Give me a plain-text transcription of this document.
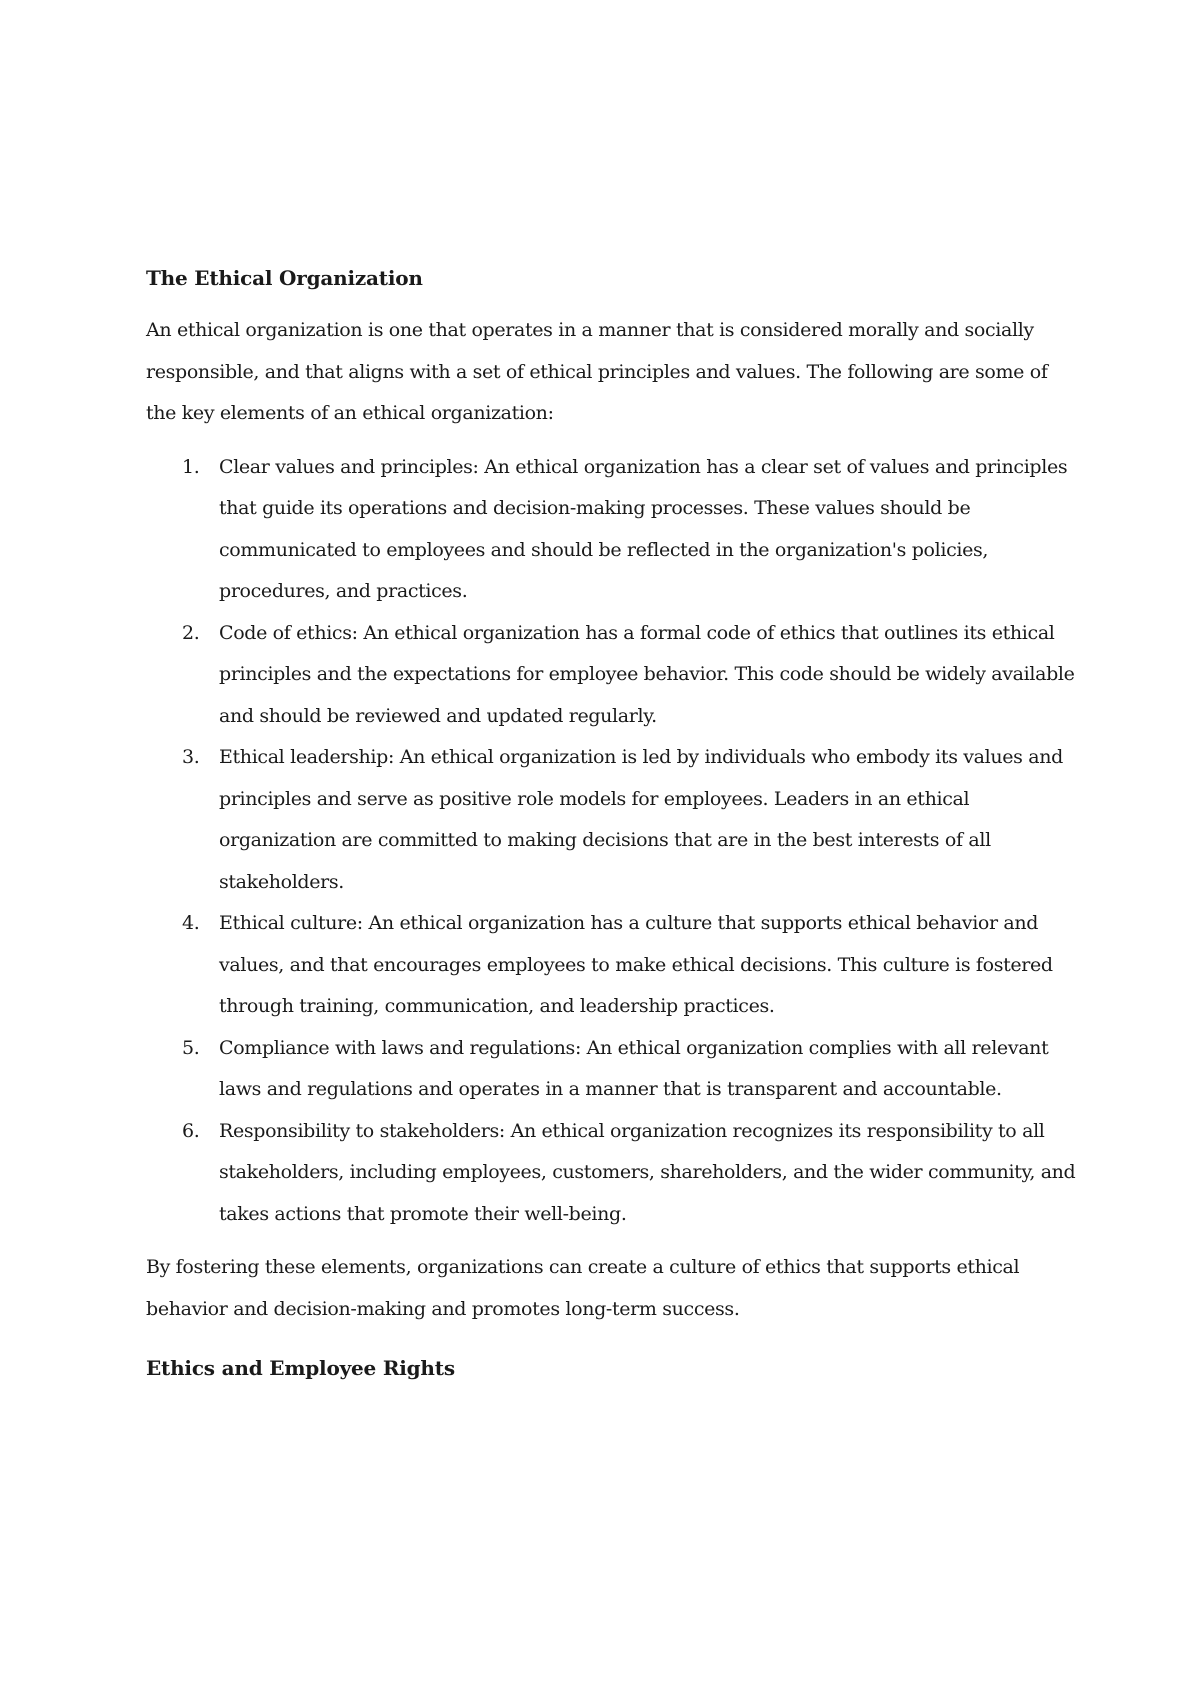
The Ethical Organization

An ethical organization is one that operates in a manner that is considered morally and socially responsible, and that aligns with a set of ethical principles and values. The following are some of the key elements of an ethical organization:

1. Clear values and principles: An ethical organization has a clear set of values and principles that guide its operations and decision-making processes. These values should be communicated to employees and should be reflected in the organization's policies, procedures, and practices.
2. Code of ethics: An ethical organization has a formal code of ethics that outlines its ethical principles and the expectations for employee behavior. This code should be widely available and should be reviewed and updated regularly.
3. Ethical leadership: An ethical organization is led by individuals who embody its values and principles and serve as positive role models for employees. Leaders in an ethical organization are committed to making decisions that are in the best interests of all stakeholders.
4. Ethical culture: An ethical organization has a culture that supports ethical behavior and values, and that encourages employees to make ethical decisions. This culture is fostered through training, communication, and leadership practices.
5. Compliance with laws and regulations: An ethical organization complies with all relevant laws and regulations and operates in a manner that is transparent and accountable.
6. Responsibility to stakeholders: An ethical organization recognizes its responsibility to all stakeholders, including employees, customers, shareholders, and the wider community, and takes actions that promote their well-being.

By fostering these elements, organizations can create a culture of ethics that supports ethical behavior and decision-making and promotes long-term success.

Ethics and Employee Rights
